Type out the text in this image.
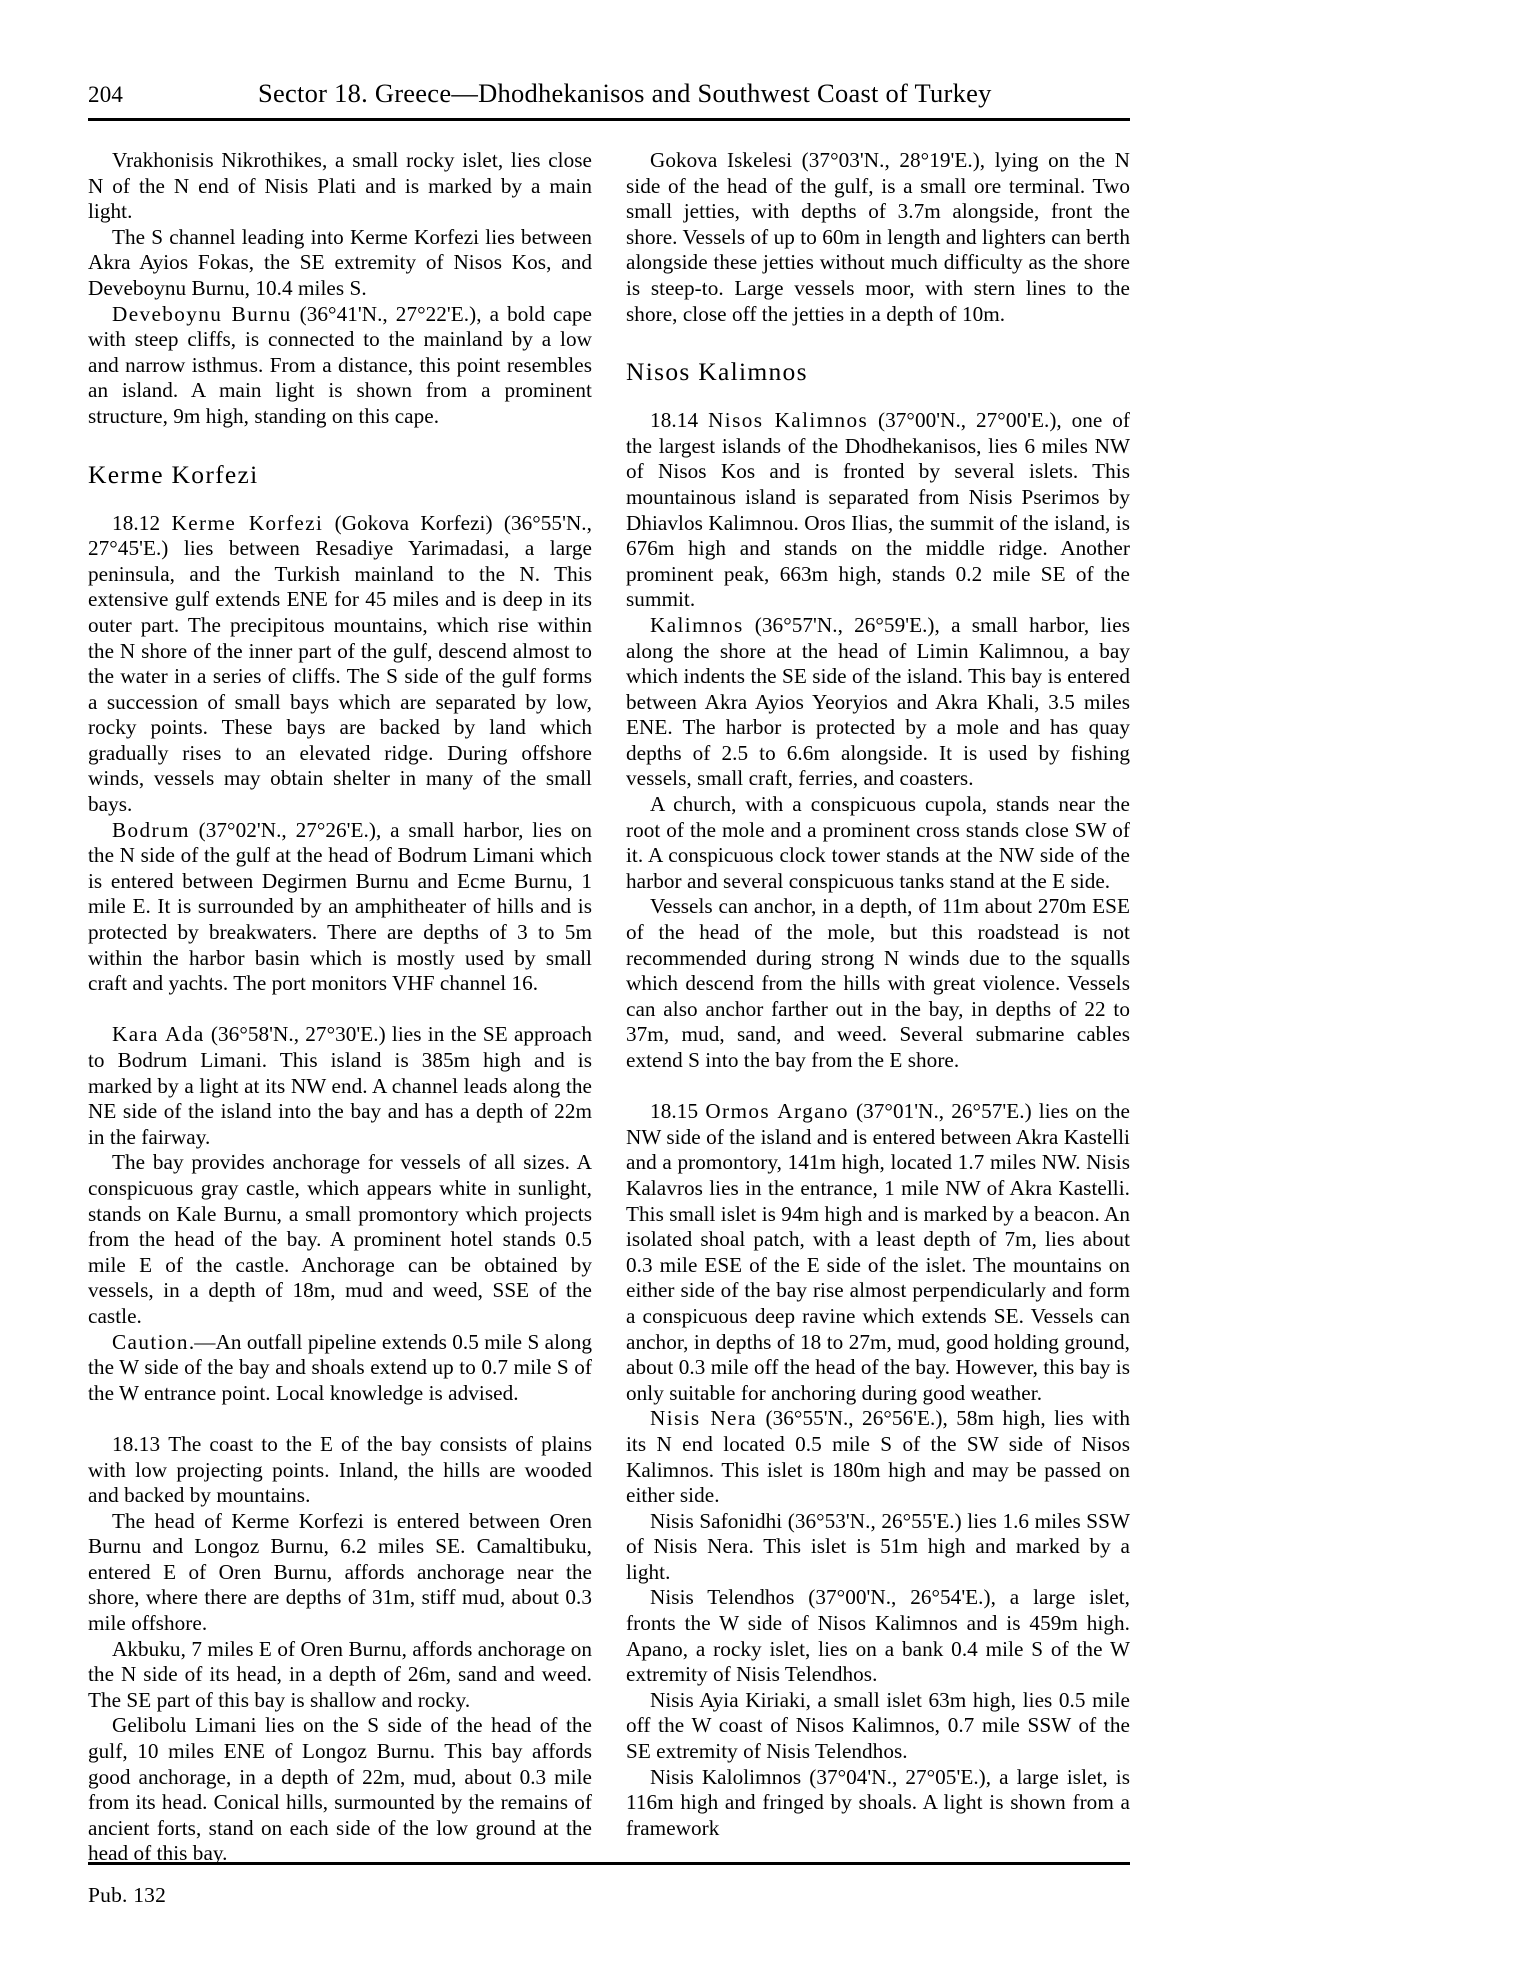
204	Sector 18. Greece—Dhodhekanisos and Southwest Coast of Turkey

Vrakhonisis Nikrothikes, a small rocky islet, lies close N of the N end of Nisis Plati and is marked by a main light.

The S channel leading into Kerme Korfezi lies between Akra Ayios Fokas, the SE extremity of Nisos Kos, and Deveboynu Burnu, 10.4 miles S.

Deveboynu Burnu (36°41'N., 27°22'E.), a bold cape with steep cliffs, is connected to the mainland by a low and narrow isthmus. From a distance, this point resembles an island. A main light is shown from a prominent structure, 9m high, standing on this cape.

Kerme Korfezi

18.12 Kerme Korfezi (Gokova Korfezi) (36°55'N., 27°45'E.) lies between Resadiye Yarimadasi, a large peninsula, and the Turkish mainland to the N. This extensive gulf extends ENE for 45 miles and is deep in its outer part. The precipitous mountains, which rise within the N shore of the inner part of the gulf, descend almost to the water in a series of cliffs. The S side of the gulf forms a succession of small bays which are separated by low, rocky points. These bays are backed by land which gradually rises to an elevated ridge. During offshore winds, vessels may obtain shelter in many of the small bays.

Bodrum (37°02'N., 27°26'E.), a small harbor, lies on the N side of the gulf at the head of Bodrum Limani which is entered between Degirmen Burnu and Ecme Burnu, 1 mile E. It is surrounded by an amphitheater of hills and is protected by breakwaters. There are depths of 3 to 5m within the harbor basin which is mostly used by small craft and yachts. The port monitors VHF channel 16.

Kara Ada (36°58'N., 27°30'E.) lies in the SE approach to Bodrum Limani. This island is 385m high and is marked by a light at its NW end. A channel leads along the NE side of the island into the bay and has a depth of 22m in the fairway.

The bay provides anchorage for vessels of all sizes. A conspicuous gray castle, which appears white in sunlight, stands on Kale Burnu, a small promontory which projects from the head of the bay. A prominent hotel stands 0.5 mile E of the castle. Anchorage can be obtained by vessels, in a depth of 18m, mud and weed, SSE of the castle.

Caution.—An outfall pipeline extends 0.5 mile S along the W side of the bay and shoals extend up to 0.7 mile S of the W entrance point. Local knowledge is advised.

18.13 The coast to the E of the bay consists of plains with low projecting points. Inland, the hills are wooded and backed by mountains.

The head of Kerme Korfezi is entered between Oren Burnu and Longoz Burnu, 6.2 miles SE. Camaltibuku, entered E of Oren Burnu, affords anchorage near the shore, where there are depths of 31m, stiff mud, about 0.3 mile offshore.

Akbuku, 7 miles E of Oren Burnu, affords anchorage on the N side of its head, in a depth of 26m, sand and weed. The SE part of this bay is shallow and rocky.

Gelibolu Limani lies on the S side of the head of the gulf, 10 miles ENE of Longoz Burnu. This bay affords good anchorage, in a depth of 22m, mud, about 0.3 mile from its head. Conical hills, surmounted by the remains of ancient forts, stand on each side of the low ground at the head of this bay.

Gokova Iskelesi (37°03'N., 28°19'E.), lying on the N side of the head of the gulf, is a small ore terminal. Two small jetties, with depths of 3.7m alongside, front the shore. Vessels of up to 60m in length and lighters can berth alongside these jetties without much difficulty as the shore is steep-to. Large vessels moor, with stern lines to the shore, close off the jetties in a depth of 10m.

Nisos Kalimnos

18.14 Nisos Kalimnos (37°00'N., 27°00'E.), one of the largest islands of the Dhodhekanisos, lies 6 miles NW of Nisos Kos and is fronted by several islets. This mountainous island is separated from Nisis Pserimos by Dhiavlos Kalimnou. Oros Ilias, the summit of the island, is 676m high and stands on the middle ridge. Another prominent peak, 663m high, stands 0.2 mile SE of the summit.

Kalimnos (36°57'N., 26°59'E.), a small harbor, lies along the shore at the head of Limin Kalimnou, a bay which indents the SE side of the island. This bay is entered between Akra Ayios Yeoryios and Akra Khali, 3.5 miles ENE. The harbor is protected by a mole and has quay depths of 2.5 to 6.6m alongside. It is used by fishing vessels, small craft, ferries, and coasters.

A church, with a conspicuous cupola, stands near the root of the mole and a prominent cross stands close SW of it. A conspicuous clock tower stands at the NW side of the harbor and several conspicuous tanks stand at the E side.

Vessels can anchor, in a depth, of 11m about 270m ESE of the head of the mole, but this roadstead is not recommended during strong N winds due to the squalls which descend from the hills with great violence. Vessels can also anchor farther out in the bay, in depths of 22 to 37m, mud, sand, and weed. Several submarine cables extend S into the bay from the E shore.

18.15 Ormos Argano (37°01'N., 26°57'E.) lies on the NW side of the island and is entered between Akra Kastelli and a promontory, 141m high, located 1.7 miles NW. Nisis Kalavros lies in the entrance, 1 mile NW of Akra Kastelli. This small islet is 94m high and is marked by a beacon. An isolated shoal patch, with a least depth of 7m, lies about 0.3 mile ESE of the E side of the islet. The mountains on either side of the bay rise almost perpendicularly and form a conspicuous deep ravine which extends SE. Vessels can anchor, in depths of 18 to 27m, mud, good holding ground, about 0.3 mile off the head of the bay. However, this bay is only suitable for anchoring during good weather.

Nisis Nera (36°55'N., 26°56'E.), 58m high, lies with its N end located 0.5 mile S of the SW side of Nisos Kalimnos. This islet is 180m high and may be passed on either side.

Nisis Safonidhi (36°53'N., 26°55'E.) lies 1.6 miles SSW of Nisis Nera. This islet is 51m high and marked by a light.

Nisis Telendhos (37°00'N., 26°54'E.), a large islet, fronts the W side of Nisos Kalimnos and is 459m high. Apano, a rocky islet, lies on a bank 0.4 mile S of the W extremity of Nisis Telendhos.

Nisis Ayia Kiriaki, a small islet 63m high, lies 0.5 mile off the W coast of Nisos Kalimnos, 0.7 mile SSW of the SE extremity of Nisis Telendhos.

Nisis Kalolimnos (37°04'N., 27°05'E.), a large islet, is 116m high and fringed by shoals. A light is shown from a framework

Pub. 132
